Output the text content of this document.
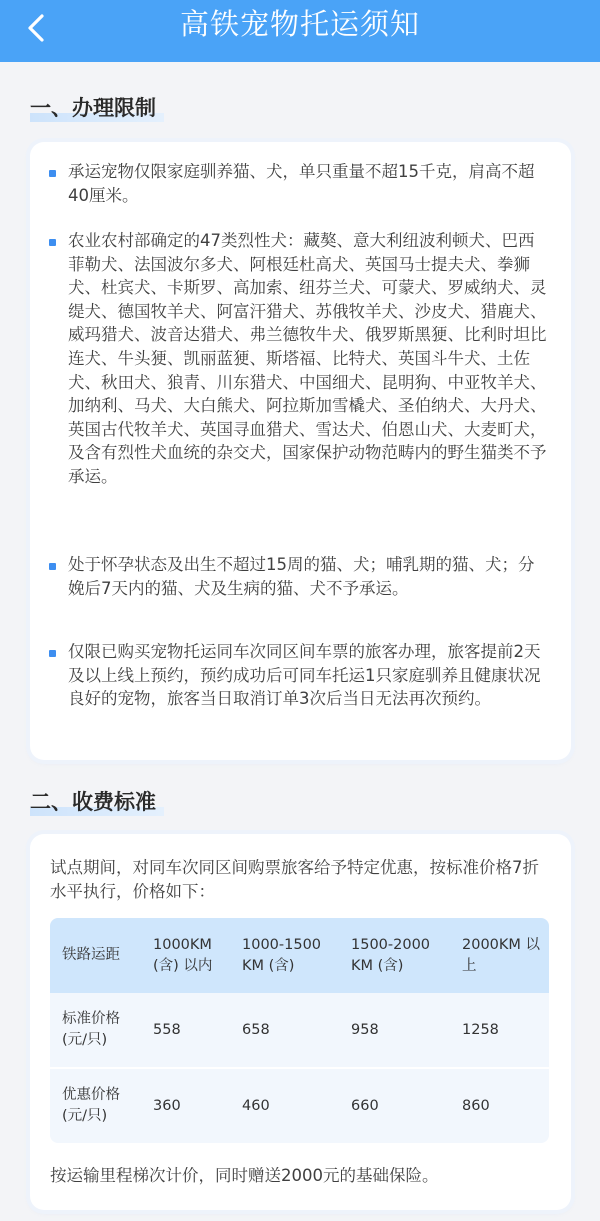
高铁宠物托运须知
一、办理限制
承运宠物仅限家庭驯养猫、犬，单只重量不超15千克，肩高不超40厘米。
农业农村部确定的47类烈性犬：藏獒、意大利纽波利顿犬、巴西菲勒犬、法国波尔多犬、阿根廷杜高犬、英国马士提夫犬、拳狮犬、杜宾犬、卡斯罗、高加索、纽芬兰犬、可蒙犬、罗威纳犬、灵缇犬、德国牧羊犬、阿富汗猎犬、苏俄牧羊犬、沙皮犬、猎鹿犬、威玛猎犬、波音达猎犬、弗兰德牧牛犬、俄罗斯黑㹴、比利时坦比连犬、牛头㹴、凯丽蓝㹴、斯塔福、比特犬、英国斗牛犬、土佐犬、秋田犬、狼青、川东猎犬、中国细犬、昆明狗、中亚牧羊犬、加纳利、马犬、大白熊犬、阿拉斯加雪橇犬、圣伯纳犬、大丹犬、英国古代牧羊犬、英国寻血猎犬、雪达犬、伯恩山犬、大麦町犬，及含有烈性犬血统的杂交犬，国家保护动物范畴内的野生猫类不予承运。
处于怀孕状态及出生不超过15周的猫、犬；哺乳期的猫、犬；分娩后7天内的猫、犬及生病的猫、犬不予承运。
仅限已购买宠物托运同车次同区间车票的旅客办理，旅客提前2天及以上线上预约，预约成功后可同车托运1只家庭驯养且健康状况良好的宠物，旅客当日取消订单3次后当日无法再次预约。
二、收费标准
试点期间，对同车次同区间购票旅客给予特定优惠，按标准价格7折水平执行，价格如下：
铁路运距	1000KM (含) 以内	1000-1500 KM (含)	1500-2000 KM (含)	2000KM 以上
标准价格 (元/只)	558	658	958	1258
优惠价格 (元/只)	360	460	660	860
按运输里程梯次计价，同时赠送2000元的基础保险。
